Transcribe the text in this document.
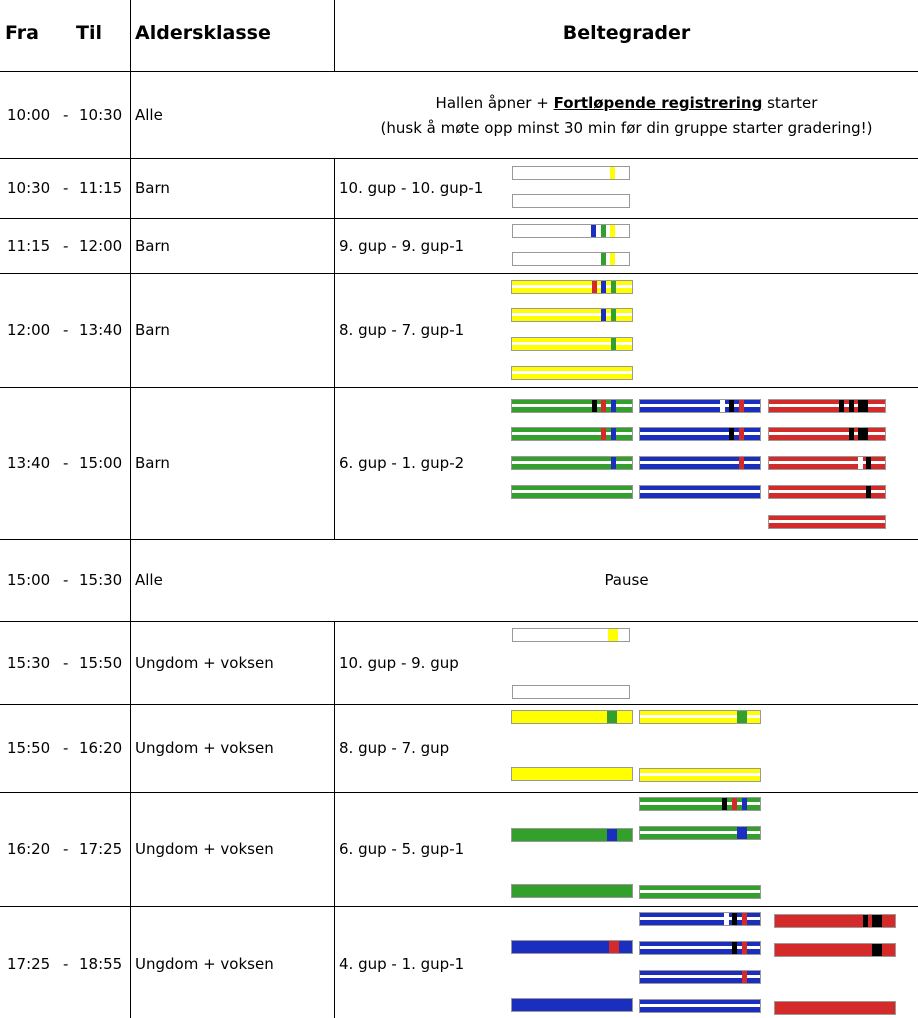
Fra Til Aldersklasse	Beltegrader
10:00 - 10:30 Alle
Hallen åpner + Fortløpende registrering starter
(husk å møte opp minst 30 min før din gruppe starter gradering!)
10:30 - 11:15 Barn	10. gup - 10. gup-1
11:15 - 12:00 Barn	9. gup - 9. gup-1
12:00 - 13:40 Barn	8. gup - 7. gup-1
13:40 - 15:00 Barn	6. gup - 1. gup-2
15:00 - 15:30 Alle	Pause
15:30 - 15:50 Ungdom + voksen	10. gup - 9. gup
15:50 - 16:20 Ungdom + voksen	8. gup - 7. gup
16:20 - 17:25 Ungdom + voksen	6. gup - 5. gup-1
17:25 - 18:55 Ungdom + voksen	4. gup - 1. gup-1
